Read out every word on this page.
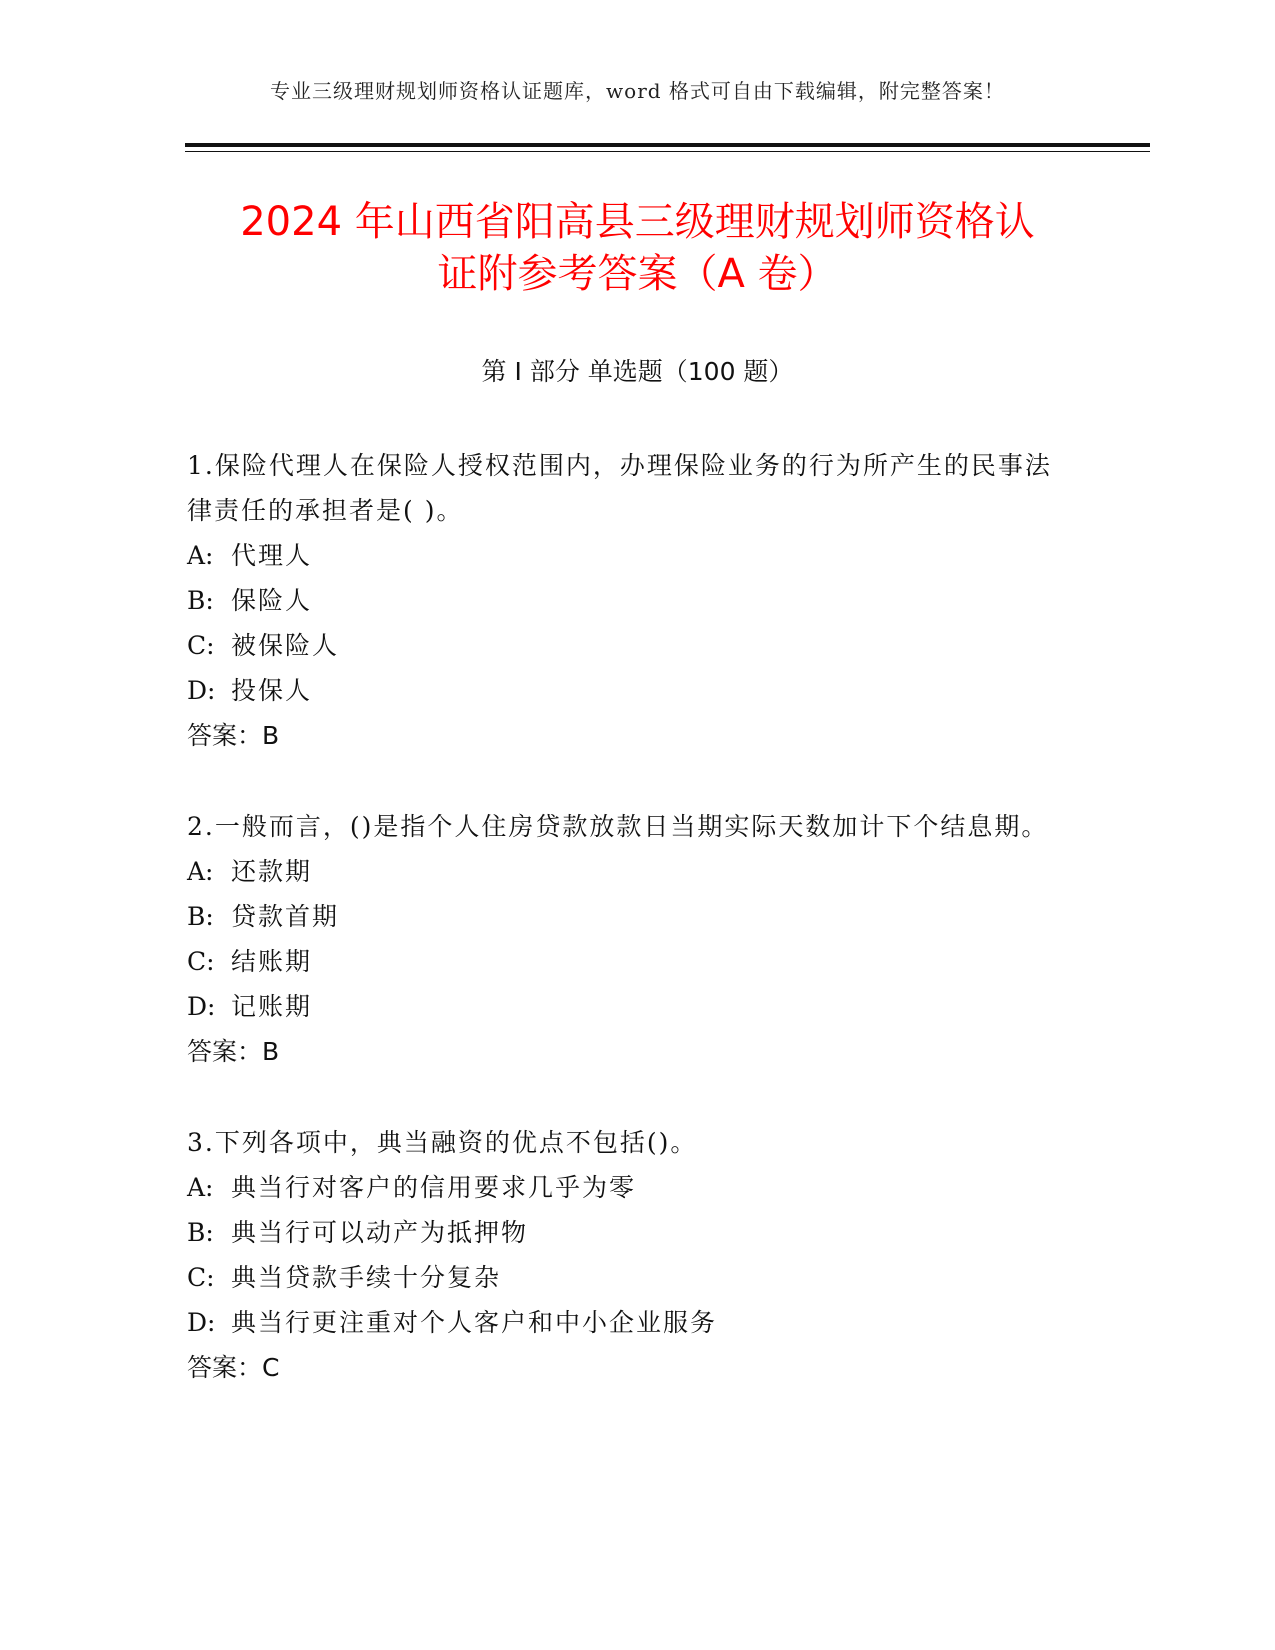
专业三级理财规划师资格认证题库，word 格式可自由下载编辑，附完整答案！
2024 年山西省阳高县三级理财规划师资格认
证附参考答案（A 卷）
第 I 部分 单选题（100 题）

1.保险代理人在保险人授权范围内，办理保险业务的行为所产生的民事法律责任的承担者是( )。

A: 代理人
B: 保险人
C: 被保险人
D: 投保人
答案：B

2.一般而言，()是指个人住房贷款放款日当期实际天数加计下个结息期。

A: 还款期
B: 贷款首期
C: 结账期
D: 记账期
答案：B

3.下列各项中，典当融资的优点不包括()。

A: 典当行对客户的信用要求几乎为零
B: 典当行可以动产为抵押物
C: 典当贷款手续十分复杂
D: 典当行更注重对个人客户和中小企业服务
答案：C
